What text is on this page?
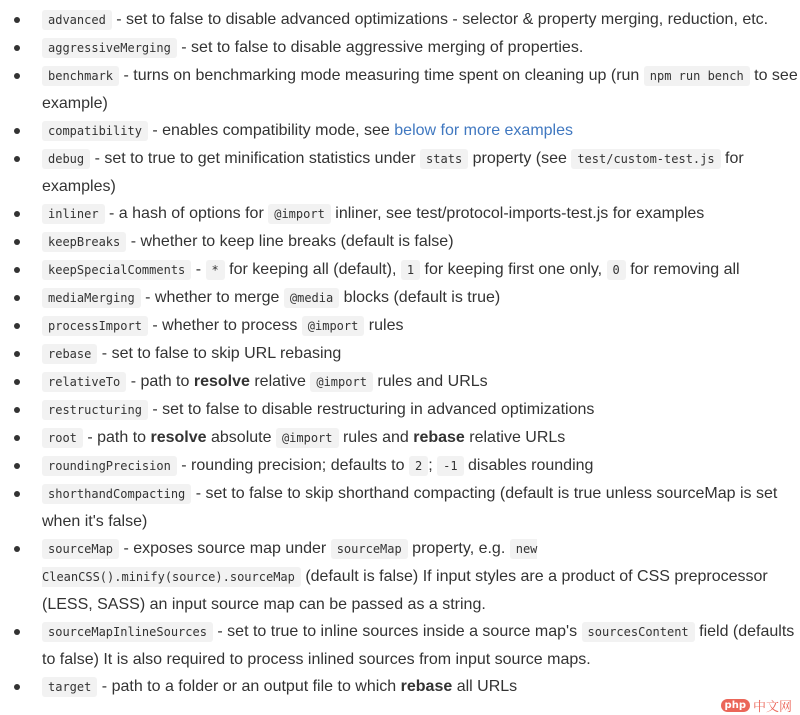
advanced - set to false to disable advanced optimizations - selector & property merging, reduction, etc.
aggressiveMerging - set to false to disable aggressive merging of properties.
benchmark - turns on benchmarking mode measuring time spent on cleaning up (run npm run bench to see example)
compatibility - enables compatibility mode, see below for more examples
debug - set to true to get minification statistics under stats property (see test/custom-test.js for examples)
inliner - a hash of options for @import inliner, see test/protocol-imports-test.js for examples
keepBreaks - whether to keep line breaks (default is false)
keepSpecialComments - * for keeping all (default), 1 for keeping first one only, 0 for removing all
mediaMerging - whether to merge @media blocks (default is true)
processImport - whether to process @import rules
rebase - set to false to skip URL rebasing
relativeTo - path to resolve relative @import rules and URLs
restructuring - set to false to disable restructuring in advanced optimizations
root - path to resolve absolute @import rules and rebase relative URLs
roundingPrecision - rounding precision; defaults to 2 ; -1 disables rounding
shorthandCompacting - set to false to skip shorthand compacting (default is true unless sourceMap is set when it's false)
sourceMap - exposes source map under sourceMap property, e.g. new CleanCSS().minify(source).sourceMap (default is false) If input styles are a product of CSS preprocessor (LESS, SASS) an input source map can be passed as a string.
sourceMapInlineSources - set to true to inline sources inside a source map's sourcesContent field (defaults to false) It is also required to process inlined sources from input source maps.
target - path to a folder or an output file to which rebase all URLs
php 中文网
